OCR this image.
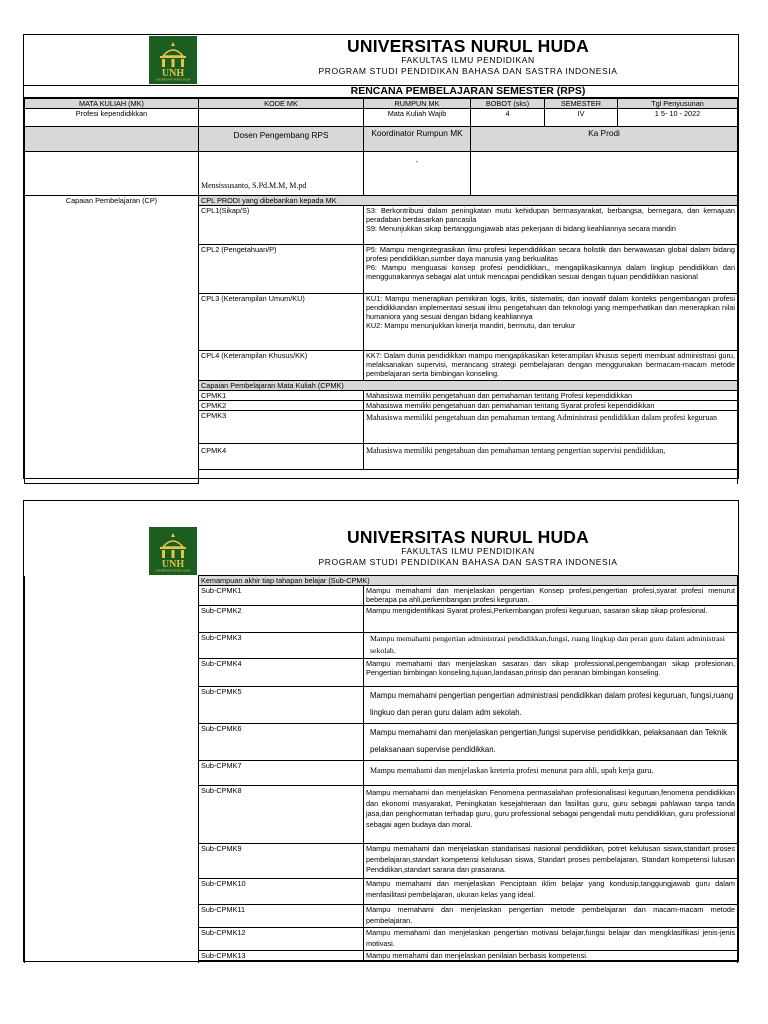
UNH
UNIVERSITAS NURUL HUDA
UNIVERSITAS NURUL HUDA
FAKULTAS ILMU PENDIDIKAN
PROGRAM STUDI PENDIDIKAN BAHASA DAN SASTRA INDONESIA
RENCANA PEMBELAJARAN SEMESTER (RPS)
MATA KULIAH (MK)	KODE MK	RUMPUN MK	BOBOT (sks)	SEMESTER	Tgl Penyusunan
Profesi kependidikkan		Mata Kuliah Wajib	4	IV	1 5- 10 - 2022
	Dosen Pengembang RPS	Koordinator Rumpun MK	Ka Prodi		
	Mensissusanto, S.Pd.M.M, M.pd	-			
Capaian Pembelajaran (CP)	CPL PRODI yang dibebankan kepada MK				
	CPL1(Sikap/S)	S3: Berkontribusi dalam peningkatan mutu kehidupan bermasyarakat, berbangsa, bernegara, dan kemajuan peradaban berdasarkan pancasila
S9: Menunjukkan sikap bertanggungjawab atas pekerjaan di bidang keahliannya secara mandiri			
	CPL2 (Pengetahuan/P)	P5: Mampu mengintegrasikan ilmu profesi kependidikkan secara holistik dan berwawasan global dalam bidang profesi pendidikkan,sumber daya manusia yang berkualitas
P6: Mampu menguasai konsep profesi pendidikkan,, mengaplikasikannya dalam lingkup pendidikkan dan menggunakannya sebagai alat untuk mencapai pendidikan sesuai dengan tujuan pendidikkan nasional			
	CPL3 (Keterampilan Umum/KU)	KU1: Mampu menerapkan pemikiran logis, kritis, sistematis, dan inovatif dalam konteks pengembangan profesi pendidikkandan implementasi sesuai ilmu pengetahuan dan teknologi yang memperhatikan dan menerapkan nilai humaniora yang sesuai dengan bidang keahliannya
KU2: Mampu menunjukkan kinerja mandiri, bermutu, dan terukur			
	CPL4 (Keterampilan Khusus/KK)	KK7: Dalam dunia pendidikkan mampu mengaplikasikan keterampilan khusus seperti membuat administrasi guru, melaksanakan supervisi, merancang strategi pembelajaran dengan menggunakan bermacam-macam metode pembelajaran serta bimbingan konseling.			
	Capaian Pembelajaran Mata Kuliah (CPMK)				
	CPMK1	Mahasiswa memiliki pengetahuan dan pemahaman tentang Profesi kependidikkan			
	CPMK2	Mahasiswa memiliki pengetahuan dan pemahaman tentang Syarat profesi kependidikkan			
	CPMK3	Mahasiswa memiliki pengetahuan dan pemahaman tentang Administrasi pendidikkan dalam profesi keguruan			
	CPMK4	Mahasiswa memiliki pengetahuan dan pemahaman tentang pengertian supervisi pendidikkan,			

UNH
UNIVERSITAS NURUL HUDA
UNIVERSITAS NURUL HUDA
FAKULTAS ILMU PENDIDIKAN
PROGRAM STUDI PENDIDIKAN BAHASA DAN SASTRA INDONESIA
	Kemampuan akhir tiap tahapan belajar (Sub-CPMK)	
	Sub-CPMK1	Mampu memahami dan menjelaskan pengertian Konsep profesi,pengertian profesi,syarat profesi menurut beberapa pa ahli,perkembangan profesi keguruan.
	Sub-CPMK2	Mampu mengidentifikasi Syarat profesi,Perkembangan profesi keguruan, sasaran sikap sikap profesional.
	Sub-CPMK3	Mampu memahami pengertian administrasi pendidikkan,fungsi, ruang lingkup dan peran guru dalam administrasi sekolah.
	Sub-CPMK4	Mampu memahami dan menjelaskan sasaran dan sikap professional,pengembangan sikap profesionan, Pengertian bimbingan konseling,tujuan,landasan,prinsip dan peranan bimbingan konseling.
	Sub-CPMK5	Mampu memahami pengertian pengertian administrasi pendidikkan dalam profesi keguruan, fungsi,ruang lingkuo dan peran guru dalam adm sekolah.
	Sub-CPMK6	Mampu memahami dan menjelaskan pengertian,fungsi supervise pendidikkan, pelaksanaan dan Teknik pelaksanaan supervise pendidikkan.
	Sub-CPMK7	Mampu memahami dan menjelaskan kreteria profesi menurut para ahli, upah kerja guru.
	Sub-CPMK8	Mampu memahami dan menjelaskan Fenomena permasalahan profesionalisasi keguruan,fenomena pendidikkan dan ekonomi masyarakat, Peningkatan kesejahteraan dan fasilitas guru, guru sebagai pahlawan tanpa tanda jasa,dan penghormatan terhadap guru, guru professional sebagai pengendali mutu pendidikkan, guru professional sebagai agen budaya dan moral.
	Sub-CPMK9	Mampu memahami dan menjelaskan standarisasi nasional pendidikkan, potret kelulusan siswa,standart proses pembelajaran,standart kompetensi kelulusan siswa, Standart proses pembelajaran, Standart kompetensi lulusan Pendidikan,standart sarana dan prasarana.
	Sub-CPMK10	Mampu memahami dan menjelaskan Penciptaan iklim belajar yang kondusip,tanggungjawab guru dalam menfasilitasi pembelajaran, ukuran kelas yang ideal.
	Sub-CPMK11	Mampu memahami dan menjelaskan pengertian metode pembelajaran dan macam-macam metode pembelajaran.
	Sub-CPMK12	Mampu memahami dan menjelaskan pengertian motivasi belajar,fungsi belajar dan mengklasifikasi jenis-jenis motivasi.
	Sub-CPMK13	Mampu memahami dan menjelaskan penilaian berbasis kompetensi.
